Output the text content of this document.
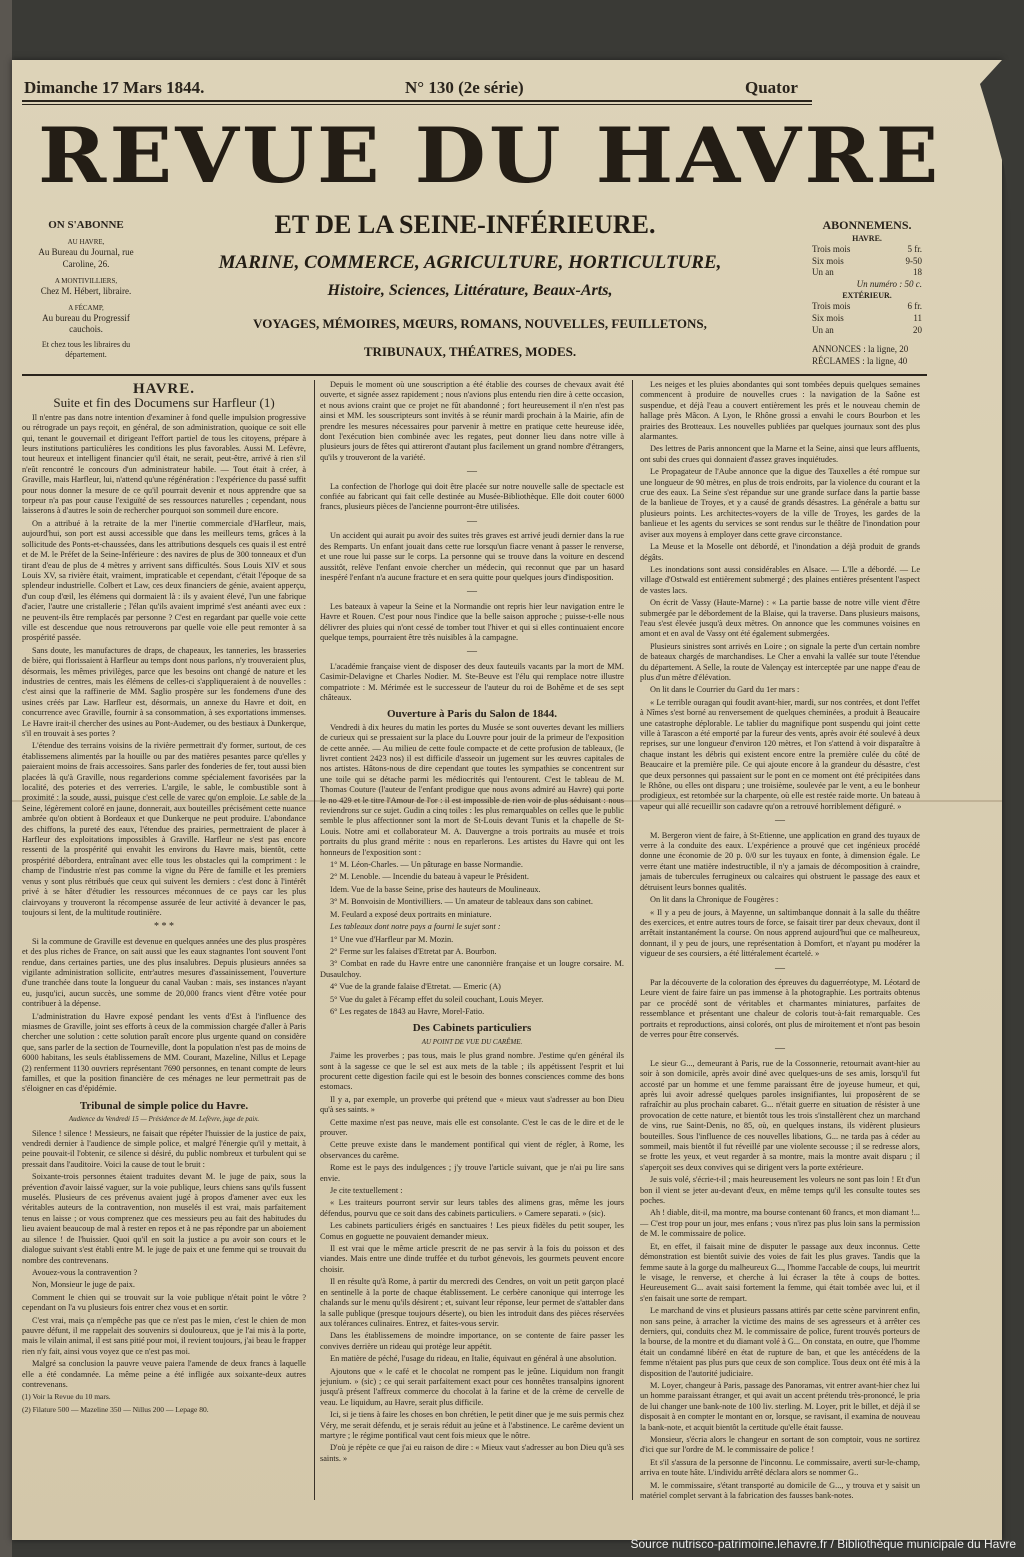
Dimanche 17 Mars 1844.	N° 130 (2e série)	Quator
REVUE DU HAVRE
ET DE LA SEINE-INFÉRIEURE.
MARINE, COMMERCE, AGRICULTURE, HORTICULTURE,
Histoire, Sciences, Littérature, Beaux-Arts,
VOYAGES, MÉMOIRES, MŒURS, ROMANS, NOUVELLES, FEUILLETONS,
TRIBUNAUX, THÉATRES, MODES.
ON S'ABONNE
AU HAVRE,
Au Bureau du Journal, rue Caroline, 26.
A MONTIVILLIERS,
Chez M. Hébert, libraire.
A FÉCAMP,
Au bureau du Progressif cauchois.
Et chez tous les libraires du département.
ABONNEMENS.
HAVRE.
Trois mois	5 fr.
Six mois	9-50
Un an	18
Un numéro : 50 c.
EXTÉRIEUR.
Trois mois	6 fr.
Six mois	11
Un an	20
ANNONCES : la ligne, 20
RÉCLAMES : la ligne, 40
HAVRE.
Suite et fin des Documens sur Harfleur (1)

Il n'entre pas dans notre intention d'examiner à fond quelle impulsion progressive ou rétrograde un pays reçoit, en général, de son administration, quoique ce soit elle qui, tenant le gouvernail et dirigeant l'effort partiel de tous les citoyens, prépare à leurs institutions particulières les conditions les plus favorables. Aussi M. Lefèvre, tout heureux et intelligent financier qu'il était, ne serait, peut-être, arrivé à rien s'il n'eût rencontré le concours d'un administrateur habile. — Tout était à créer, à Graville, mais Harfleur, lui, n'attend qu'une régénération : l'expérience du passé suffit pour nous donner la mesure de ce qu'il pourrait devenir et nous apprendre que sa torpeur n'a pas pour cause l'exiguïté de ses ressources naturelles ; cependant, nous laisserons à d'autres le soin de rechercher pourquoi son sommeil dure encore.

On a attribué à la retraite de la mer l'inertie commerciale d'Harfleur, mais, aujourd'hui, son port est aussi accessible que dans les meilleurs tems, grâces à la sollicitude des Ponts-et-chaussées, dans les attributions desquels ces quais il est entré et de M. le Préfet de la Seine-Inférieure : des navires de plus de 300 tonneaux et d'un tirant d'eau de plus de 4 mètres y arrivent sans difficultés. Sous Louis XIV et sous Louis XV, sa rivière était, vraiment, impraticable et cependant, c'était l'époque de sa splendeur industrielle. Colbert et Law, ces deux financiers de génie, avaient apperçu, d'un coup d'œil, les élémens qui dormaient là : ils y avaient élevé, l'un une fabrique d'acier, l'autre une cristallerie ; l'élan qu'ils avaient imprimé s'est anéanti avec eux : ne peuvent-ils être remplacés par personne ? C'est en regardant par quelle voie cette ville est descendue que nous retrouverons par quelle voie elle peut remonter à sa prospérité passée.

Sans doute, les manufactures de draps, de chapeaux, les tanneries, les brasseries de bière, qui florissaient à Harfleur au temps dont nous parlons, n'y trouveraient plus, désormais, les mêmes privilèges, parce que les besoins ont changé de nature et les industries de centres, mais les élémens de celles-ci s'appliqueraient à de nouvelles : c'est ainsi que la raffinerie de MM. Saglio prospère sur les fondemens d'une des usines créés par Law. Harfleur est, désormais, un annexe du Havre et doit, en concurrence avec Graville, fournir à sa consommation, à ses exportations immenses. Le Havre irait-il chercher des usines au Pont-Audemer, ou des bestiaux à Dunkerque, s'il en trouvait à ses portes ?

L'étendue des terrains voisins de la rivière permettrait d'y former, surtout, de ces établissemens alimentés par la houille ou par des matières pesantes parce qu'elles y paieraient moins de frais accessoires. Sans parler des fonderies de fer, tout aussi bien placées là qu'à Graville, nous regarderions comme spécialement favorisées par la localité, des poteries et des verreries. L'argile, le sable, le combustible sont à proximité : la soude, aussi, puisque c'est celle de varec qu'on emploie. Le sable de la Seine, légèrement coloré en jaune, donnerait, aux bouteilles précisément cette nuance ambrée qu'on obtient à Bordeaux et que Dunkerque ne peut produire. L'abondance des chiffons, la pureté des eaux, l'étendue des prairies, permettraient de placer à Harfleur des exploitations impossibles à Graville. Harfleur ne s'est pas encore ressenti de la prospérité qui envahit les environs du Havre mais, bientôt, cette prospérité débordera, entraînant avec elle tous les obstacles qui la compriment : le champ de l'industrie n'est pas comme la vigne du Père de famille et les premiers venus y sont plus rétribués que ceux qui suivent les derniers : c'est donc à l'intérêt privé à se hâter d'étudier les ressources méconnues de ce pays car les plus clairvoyans y trouveront la récompense assurée de leur activité à devancer le pas, toujours si lent, de la multitude routinière.

* * *

Si la commune de Graville est devenue en quelques années une des plus prospères et des plus riches de France, on sait aussi que les eaux stagnantes l'ont souvent l'ont rendue, dans certaines parties, une des plus insalubres. Depuis plusieurs années sa vigilante administration sollicite, entr'autres mesures d'assainissement, l'ouverture d'une tranchée dans toute la longueur du canal Vauban : mais, ses instances n'ayant eu, jusqu'ici, aucun succès, une somme de 20,000 francs vient d'être votée pour contribuer à la dépense.

L'administration du Havre exposé pendant les vents d'Est à l'influence des miasmes de Graville, joint ses efforts à ceux de la commission chargée d'aller à Paris chercher une solution : cette solution paraît encore plus urgente quand on considère que, sans parler de la section de Tourneville, dont la population n'est pas de moins de 6000 habitans, les seuls établissemens de MM. Courant, Mazeline, Nillus et Lepage (2) renferment 1130 ouvriers représentant 7690 personnes, en tenant compte de leurs familles, et que la position financière de ces ménages ne leur permettrait pas de s'éloigner en cas d'épidémie.

Tribunal de simple police du Havre.
Audience du Vendredi 15 — Présidence de M. Lefèvre, juge de paix.

Silence ! silence ! Messieurs, ne faisait que répéter l'huissier de la justice de paix, vendredi dernier à l'audience de simple police, et malgré l'énergie qu'il y mettait, à peine pouvait-il l'obtenir, ce silence si désiré, du public nombreux et turbulent qui se pressait dans l'auditoire. Voici la cause de tout le bruit :

Soixante-trois personnes étaient traduites devant M. le juge de paix, sous la prévention d'avoir laissé vaguer, sur la voie publique, leurs chiens sans qu'ils fussent muselés. Plusieurs de ces prévenus avaient jugé à propos d'amener avec eux les véritables auteurs de la contravention, non muselés il est vrai, mais parfaitement tenus en laisse ; or vous comprenez que ces messieurs peu au fait des habitudes du lieu avaient beaucoup de mal à rester en repos et à ne pas répondre par un aboiement au silence ! de l'huissier. Quoi qu'il en soit la justice a pu avoir son cours et le dialogue suivant s'est établi entre M. le juge de paix et une femme qui se trouvait du nombre des contrevenans.

Avouez-vous la contravention ?

Non, Monsieur le juge de paix.

Comment le chien qui se trouvait sur la voie publique n'était point le vôtre ? cependant on l'a vu plusieurs fois entrer chez vous et en sortir.

C'est vrai, mais ça n'empêche pas que ce n'est pas le mien, c'est le chien de mon pauvre défunt, il me rappelait des souvenirs si douloureux, que je l'ai mis à la porte, mais le vilain animal, il est sans pitié pour moi, il revient toujours, j'ai beau le frapper rien n'y fait, ainsi vous voyez que ce n'est pas moi.

Malgré sa conclusion la pauvre veuve paiera l'amende de deux francs à laquelle elle a été condamnée. La même peine a été infligée aux soixante-deux autres contrevenans.

(1) Voir la Revue du 10 mars.

(2) Filature 500 — Mazeline 350 — Nillus 200 — Lepage 80.

Depuis le moment où une souscription a été établie des courses de chevaux avait été ouverte, et signée assez rapidement ; nous n'avions plus entendu rien dire à cette occasion, et nous avions craint que ce projet ne fût abandonné ; fort heureusement il n'en n'est pas ainsi et MM. les souscripteurs sont invités à se réunir mardi prochain à la Mairie, afin de prendre les mesures nécessaires pour parvenir à mettre en pratique cette heureuse idée, dont l'exécution bien combinée avec les regates, peut donner lieu dans notre ville à plusieurs jours de fêtes qui attireront d'autant plus facilement un grand nombre d'étrangers, qu'ils y trouveront de la variété.

—

La confection de l'horloge qui doit être placée sur notre nouvelle salle de spectacle est confiée au fabricant qui fait celle destinée au Musée-Bibliothèque. Elle doit couter 6000 francs, plusieurs pièces de l'ancienne pourront-être utilisées.

—

Un accident qui aurait pu avoir des suites très graves est arrivé jeudi dernier dans la rue des Remparts. Un enfant jouait dans cette rue lorsqu'un fiacre venant à passer le renverse, et une roue lui passe sur le corps. La personne qui se trouve dans la voiture en descend aussitôt, relève l'enfant envoie chercher un médecin, qui reconnut que par un hasard inespéré l'enfant n'a aucune fracture et en sera quitte pour quelques jours d'indisposition.

—

Les bateaux à vapeur la Seine et la Normandie ont repris hier leur navigation entre le Havre et Rouen. C'est pour nous l'indice que la belle saison approche ; puisse-t-elle nous délivrer des pluies qui n'ont cessé de tomber tout l'hiver et qui si elles continuaient encore quelque temps, pourraient être très nuisibles à la campagne.

—

L'académie française vient de disposer des deux fauteuils vacants par la mort de MM. Casimir-Delavigne et Charles Nodier. M. Ste-Beuve est l'élu qui remplace notre illustre compatriote : M. Mérimée est le successeur de l'auteur du roi de Bohême et de ses sept châteaux.

Ouverture à Paris du Salon de 1844.

Vendredi à dix heures du matin les portes du Musée se sont ouvertes devant les milliers de curieux qui se pressaient sur la place du Louvre pour jouir de la primeur de l'exposition de cette année. — Au milieu de cette foule compacte et de cette profusion de tableaux, (le livret contient 2423 nos) il est difficile d'asseoir un jugement sur les œuvres capitales de nos artistes. Hâtons-nous de dire cependant que toutes les sympathies se concentrent sur une toile qui se détache parmi les médiocrités qui l'entourent. C'est le tableau de M. Thomas Couture (l'auteur de l'enfant prodigue que nous avons admiré au Havre) qui porte le no 429 et le titre l'Amour de l'or : il est impossible de rien voir de plus séduisant : nous reviendrons sur ce sujet. Gudin a cinq toiles : les plus remarquables on celles que le public semble le plus affectionner sont la mort de St-Louis devant Tunis et la chapelle de St-Louis. Notre ami et collaborateur M. A. Dauvergne a trois portraits au musée et trois portraits du plus grand mérite : nous en reparlerons. Les artistes du Havre qui ont les honneurs de l'exposition sont :

1° M. Léon-Charles. — Un pâturage en basse Normandie.

2° M. Lenoble. — Incendie du bateau à vapeur le Président.

Idem. Vue de la basse Seine, prise des hauteurs de Moulineaux.

3° M. Bonvoisin de Montivilliers. — Un amateur de tableaux dans son cabinet.

M. Feulard a exposé deux portraits en miniature.

Les tableaux dont notre pays a fourni le sujet sont :

1° Une vue d'Harfleur par M. Mozin.

2° Ferme sur les falaises d'Etretat par A. Bourbon.

3° Combat en rade du Havre entre une canonnière française et un lougre corsaire. M. Dusaulchoy.

4° Vue de la grande falaise d'Etretat. — Emeric (A)

5° Vue du galet à Fécamp effet du soleil couchant, Louis Meyer.

6° Les regates de 1843 au Havre, Morel-Fatio.

Des Cabinets particuliers
AU POINT DE VUE DU CARÊME.

J'aime les proverbes ; pas tous, mais le plus grand nombre. J'estime qu'en général ils sont à la sagesse ce que le sel est aux mets de la table ; ils appétissent l'esprit et lui procurent cette digestion facile qui est le besoin des bonnes consciences comme des bons estomacs.

Il y a, par exemple, un proverbe qui prétend que « mieux vaut s'adresser au bon Dieu qu'à ses saints. »

Cette maxime n'est pas neuve, mais elle est consolante. C'est le cas de le dire et de le prouver.

Cette preuve existe dans le mandement pontifical qui vient de régler, à Rome, les observances du carême.

Rome est le pays des indulgences ; j'y trouve l'article suivant, que je n'ai pu lire sans envie.

Je cite textuellement :

« Les traiteurs pourront servir sur leurs tables des alimens gras, même les jours défendus, pourvu que ce soit dans des cabinets particuliers. » Camere separati. » (sic).

Les cabinets particuliers érigés en sanctuaires ! Les pieux fidèles du petit souper, les Comus en goguette ne pouvaient demander mieux.

Il est vrai que le même article prescrit de ne pas servir à la fois du poisson et des viandes. Mais entre une dinde truffée et du turbot génevois, les gourmets peuvent encore choisir.

Il en résulte qu'à Rome, à partir du mercredi des Cendres, on voit un petit garçon placé en sentinelle à la porte de chaque établissement. Le cerbère canonique qui interroge les chalands sur le menu qu'ils désirent ; et, suivant leur réponse, leur permet de s'attabler dans la salle publique (presque toujours déserte), ou bien les introduit dans des pièces réservées aux tolérances culinaires. Entrez, et faites-vous servir.

Dans les établissemens de moindre importance, on se contente de faire passer les convives derrière un rideau qui protège leur appétit.

En matière de péché, l'usage du rideau, en Italie, équivaut en général à une absolution.

Ajoutons que « le café et le chocolat ne rompent pas le jeûne. Liquidum non frangit jejunium. » (sic) ; ce qui serait parfaitement exact pour ces honnêtes transalpins ignorent jusqu'à présent l'affreux commerce du chocolat à la farine et de la crème de cervelle de veau. Le liquidum, au Havre, serait plus difficile.

Ici, si je tiens à faire les choses en bon chrétien, le petit diner que je me suis permis chez Véry, me serait défendu, et je serais réduit au jeûne et à l'abstinence. Le carême devient un martyre ; le régime pontifical vaut cent fois mieux que le nôtre.

D'où je répète ce que j'ai eu raison de dire : « Mieux vaut s'adresser au bon Dieu qu'à ses saints. »

Les neiges et les pluies abondantes qui sont tombées depuis quelques semaines commencent à produire de nouvelles crues : la navigation de la Saône est suspendue, et déjà l'eau a couvert entièrement les prés et le nouveau chemin de hallage près Mâcon. A Lyon, le Rhône grossi a envahi le cours Bourbon et les prairies des Brotteaux. Les nouvelles publiées par quelques journaux sont des plus alarmantes.

Des lettres de Paris annoncent que la Marne et la Seine, ainsi que leurs affluents, ont subi des crues qui donnaient d'assez graves inquiétudes.

Le Propagateur de l'Aube annonce que la digue des Tauxelles a été rompue sur une longueur de 90 mètres, en plus de trois endroits, par la violence du courant et la crue des eaux. La Seine s'est répandue sur une grande surface dans la partie basse de la banlieue de Troyes, et y a causé de grands désastres. La générale a battu sur plusieurs points. Les architectes-voyers de la ville de Troyes, les gardes de la banlieue et les agents du services se sont rendus sur le théâtre de l'inondation pour aviser aux moyens à employer dans cette grave circonstance.

La Meuse et la Moselle ont débordé, et l'inondation a déjà produit de grands dégâts.

Les inondations sont aussi considérables en Alsace. — L'Ile a débordé. — Le village d'Ostwald est entièrement submergé ; des plaines entières présentent l'aspect de vastes lacs.

On écrit de Vassy (Haute-Marne) : « La partie basse de notre ville vient d'être submergée par le débordement de la Blaise, qui la traverse. Dans plusieurs maisons, l'eau s'est élevée jusqu'à deux mètres. On annonce que les communes voisines en amont et en aval de Vassy ont été également submergées.

Plusieurs sinistres sont arrivés en Loire ; on signale la perte d'un certain nombre de bateaux chargés de marchandises. Le Cher a envahi la vallée sur toute l'étendue du département. A Selle, la route de Valençay est interceptée par une nappe d'eau de plus d'un mètre d'élévation.

On lit dans le Courrier du Gard du 1er mars :

« Le terrible ouragan qui foudit avant-hier, mardi, sur nos contrées, et dont l'effet à Nîmes s'est borné au renversement de quelques cheminées, a produit à Beaucaire une catastrophe déplorable. Le tablier du magnifique pont suspendu qui joint cette ville à Tarascon a été emporté par la fureur des vents, après avoir été soulevé à deux reprises, sur une longueur d'environ 120 mètres, et l'on s'attend à voir disparaître à chaque instant les débris qui existent encore entre la première culée du côté de Beaucaire et la première pile. Ce qui ajoute encore à la grandeur du désastre, c'est que deux personnes qui passaient sur le pont en ce moment ont été précipitées dans le Rhône, ou elles ont disparu ; une troisième, soulevée par le vent, a eu le bonheur prodigieux, est retombée sur la charpente, où elle est restée raide morte. Un bateau à vapeur qui allé recueillir son cadavre qu'on a retrouvé horriblement défiguré. »

—

M. Bergeron vient de faire, à St-Etienne, une application en grand des tuyaux de verre à la conduite des eaux. L'expérience a prouvé que cet ingénieux procédé donne une économie de 20 p. 0/0 sur les tuyaux en fonte, à dimension égale. Le verre étant une matière indestructible, il n'y a jamais de décomposition à craindre, jamais de tubercules ferrugineux ou calcaires qui obstruent le passage des eaux et détruisent leurs bonnes qualités.

On lit dans la Chronique de Fougères :

« Il y a peu de jours, à Mayenne, un saltimbanque donnait à la salle du théâtre des exercices, et entre autres tours de force, se faisait tirer par deux chevaux, dont il arrêtait instantanément la course. On nous apprend aujourd'hui que ce malheureux, donnant, il y peu de jours, une représentation à Domfort, et n'ayant pu modérer la vigueur de ses coursiers, a été littéralement écartelé. »

—

Par la découverte de la coloration des épreuves du daguerréotype, M. Léotard de Leure vient de faire faire un pas immense à la photographie. Les portraits obtenus par ce procédé sont de véritables et charmantes miniatures, parfaites de ressemblance et présentant une chaleur de coloris tout-à-fait remarquable. Ces portraits et reproductions, ainsi colorés, ont plus de miroitement et n'ont pas besoin de verres pour être conservés.

—

Le sieur G..., demeurant à Paris, rue de la Cossonnerie, retournait avant-hier au soir à son domicile, après avoir diné avec quelques-uns de ses amis, lorsqu'il fut accosté par un homme et une femme paraissant être de joyeuse humeur, et qui, après lui avoir adressé quelques paroles insignifiantes, lui proposèrent de se rafraîchir au plus prochain cabaret. G... n'était guerre en situation de résister à une provocation de cette nature, et bientôt tous les trois s'installèrent chez un marchand de vins, rue Saint-Denis, no 85, où, en quelques instans, ils vidèrent plusieurs bouteilles. Sous l'influence de ces nouvelles libations, G... ne tarda pas à céder au sommeil, mais bientôt il fut réveillé par une violente secousse ; il se redresse alors, se frotte les yeux, et veut regarder à sa montre, mais la montre avait disparu ; il s'aperçoit ses deux convives qui se dirigent vers la porte extérieure.

Je suis volé, s'écrie-t-il ; mais heureusement les voleurs ne sont pas loin ! Et d'un bon il vient se jeter au-devant d'eux, en même temps qu'il les consulte toutes ses poches.

Ah ! diable, dit-il, ma montre, ma bourse contenant 60 francs, et mon diamant !... — C'est trop pour un jour, mes enfans ; vous n'irez pas plus loin sans la permission de M. le commissaire de police.

Et, en effet, il faisait mine de disputer le passage aux deux inconnus. Cette démonstration est bientôt suivie des voies de fait les plus graves. Tandis que la femme saute à la gorge du malheureux G..., l'homme l'accable de coups, lui meurtrit le visage, le renverse, et cherche à lui écraser la tête à coups de bottes. Heureusement G... avait saisi fortement la femme, qui était tombée avec lui, et il s'en faisait une sorte de rempart.

Le marchand de vins et plusieurs passans attirés par cette scène parvinrent enfin, non sans peine, à arracher la victime des mains de ses agresseurs et à arrêter ces derniers, qui, conduits chez M. le commissaire de police, furent trouvés porteurs de la bourse, de la montre et du diamant volé à G... On constata, en outre, que l'homme était un condamné libéré en état de rupture de ban, et que les antécédens de la femme n'étaient pas plus purs que ceux de son complice. Tous deux ont été mis à la disposition de l'autorité judiciaire.

M. Loyer, changeur à Paris, passage des Panoramas, vit entrer avant-hier chez lui un homme paraissant étranger, et qui avait un accent prétendu très-prononcé, le pria de lui changer une bank-note de 100 liv. sterling. M. Loyer, prit le billet, et déjà il se disposait à en compter le montant en or, lorsque, se ravisant, il examina de nouveau la bank-note, et acquit bientôt la certitude qu'elle était fausse.

Monsieur, s'écria alors le changeur en sortant de son comptoir, vous ne sortirez d'ici que sur l'ordre de M. le commissaire de police !

Et s'il s'assura de la personne de l'inconnu. Le commissaire, averti sur-le-champ, arriva en toute hâte. L'individu arrêté déclara alors se nommer G..

M. le commissaire, s'étant transporté au domicile de G..., y trouva et y saisit un matériel complet servant à la fabrication des fausses bank-notes.

Source nutrisco-patrimoine.lehavre.fr / Bibliothèque municipale du Havre
